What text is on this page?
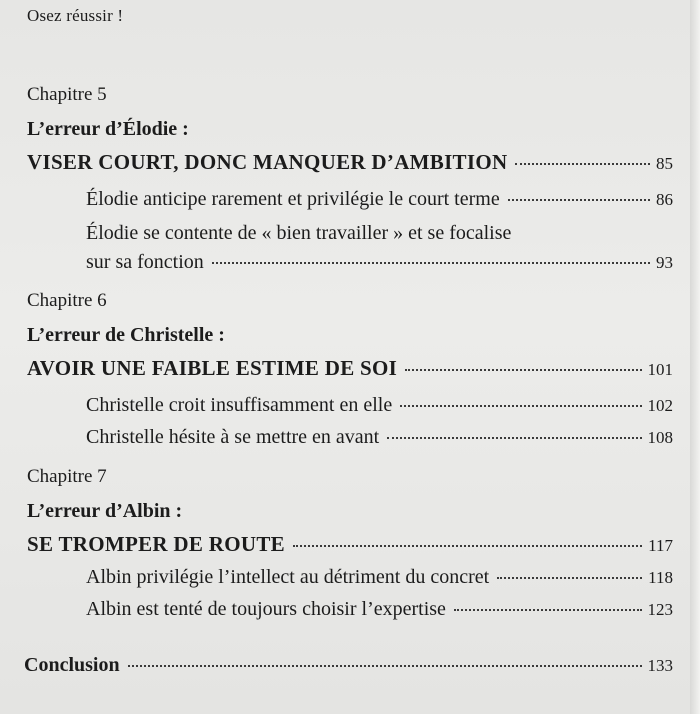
Osez réussir !
Chapitre 5
L’erreur d’Élodie :
VISER COURT, DONC MANQUER D’AMBITION	85
Élodie anticipe rarement et privilégie le court terme	86
Élodie se contente de « bien travailler » et se focalise
sur sa fonction	93
Chapitre 6
L’erreur de Christelle :
AVOIR UNE FAIBLE ESTIME DE SOI	101
Christelle croit insuffisamment en elle	102
Christelle hésite à se mettre en avant	108
Chapitre 7
L’erreur d’Albin :
SE TROMPER DE ROUTE	117
Albin privilégie l’intellect au détriment du concret	118
Albin est tenté de toujours choisir l’expertise	123
Conclusion	133
